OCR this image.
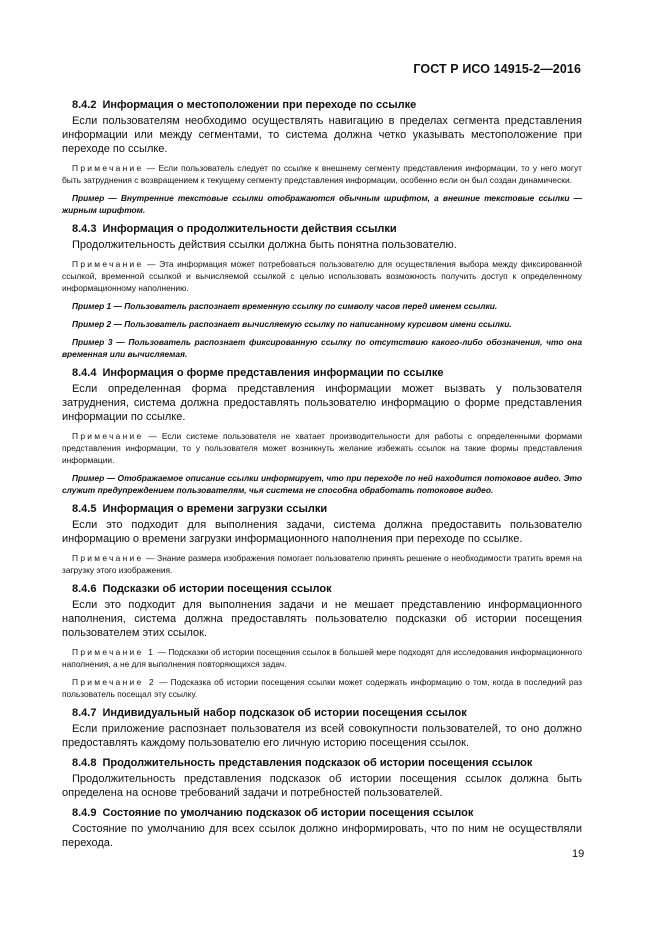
ГОСТ Р ИСО 14915-2—2016
8.4.2 Информация о местоположении при переходе по ссылке

Если пользователям необходимо осуществлять навигацию в пределах сегмента представления информации или между сегментами, то система должна четко указывать местоположение при переходе по ссылке.

Примечание — Если пользователь следует по ссылке к внешнему сегменту представления информации, то у него могут быть затруднения с возвращением к текущему сегменту представления информации, особенно если он был создан динамически.

Пример — Внутренние текстовые ссылки отображаются обычным шрифтом, а внешние текстовые ссылки — жирным шрифтом.

8.4.3 Информация о продолжительности действия ссылки

Продолжительность действия ссылки должна быть понятна пользователю.

Примечание — Эта информация может потребоваться пользователю для осуществления выбора между фиксированной ссылкой, временной ссылкой и вычисляемой ссылкой с целью использовать возможность получить доступ к определенному информационному наполнению.

Пример 1 — Пользователь распознает временную ссылку по символу часов перед именем ссылки.

Пример 2 — Пользователь распознает вычисляемую ссылку по написанному курсивом имени ссылки.

Пример 3 — Пользователь распознает фиксированную ссылку по отсутствию какого-либо обозначения, что она временная или вычисляемая.

8.4.4 Информация о форме представления информации по ссылке

Если определенная форма представления информации может вызвать у пользователя затруднения, система должна предоставлять пользователю информацию о форме представления информации по ссылке.

Примечание — Если системе пользователя не хватает производительности для работы с определенными формами представления информации, то у пользователя может возникнуть желание избежать ссылок на такие формы представления информации.

Пример — Отображаемое описание ссылки информирует, что при переходе по ней находится потоковое видео. Это служит предупреждением пользователям, чья система не способна обработать потоковое видео.

8.4.5 Информация о времени загрузки ссылки

Если это подходит для выполнения задачи, система должна предоставить пользователю информацию о времени загрузки информационного наполнения при переходе по ссылке.

Примечание — Знание размера изображения помогает пользователю принять решение о необходимости тратить время на загрузку этого изображения.

8.4.6 Подсказки об истории посещения ссылок

Если это подходит для выполнения задачи и не мешает представлению информационного наполнения, система должна предоставлять пользователю подсказки об истории посещения пользователем этих ссылок.

Примечание 1 — Подсказки об истории посещения ссылок в большей мере подходят для исследования информационного наполнения, а не для выполнения повторяющихся задач.

Примечание 2 — Подсказка об истории посещения ссылки может содержать информацию о том, когда в последний раз пользователь посещал эту ссылку.

8.4.7 Индивидуальный набор подсказок об истории посещения ссылок

Если приложение распознает пользователя из всей совокупности пользователей, то оно должно предоставлять каждому пользователю его личную историю посещения ссылок.

8.4.8 Продолжительность представления подсказок об истории посещения ссылок

Продолжительность представления подсказок об истории посещения ссылок должна быть определена на основе требований задачи и потребностей пользователей.

8.4.9 Состояние по умолчанию подсказок об истории посещения ссылок

Состояние по умолчанию для всех ссылок должно информировать, что по ним не осуществляли перехода.

19
